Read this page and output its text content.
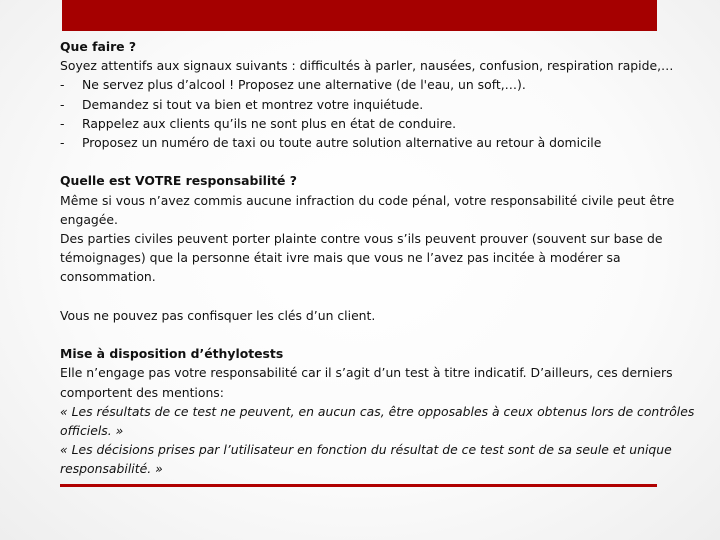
Que faire ?

Soyez attentifs aux signaux suivants : difficultés à parler, nausées, confusion, respiration rapide,…

-	Ne servez plus d’alcool ! Proposez une alternative (de l'eau, un soft,…).
-	Demandez si tout va bien et montrez votre inquiétude.
-	Rappelez aux clients qu’ils ne sont plus en état de conduire.
-	Proposez un numéro de taxi ou toute autre solution alternative au retour à domicile

Quelle est VOTRE responsabilité ?

Même si vous n’avez commis aucune infraction du code pénal, votre responsabilité civile peut être engagée.

Des parties civiles peuvent porter plainte contre vous s’ils peuvent prouver (souvent sur base de témoignages) que la personne était ivre mais que vous ne l’avez pas incitée à modérer sa consommation.

Vous ne pouvez pas confisquer les clés d’un client.

Mise à disposition d’éthylotests

Elle n’engage pas votre responsabilité car il s’agit d’un test à titre indicatif. D’ailleurs, ces derniers comportent des mentions:

« Les résultats de ce test ne peuvent, en aucun cas, être opposables à ceux obtenus lors de contrôles officiels. »

« Les décisions prises par l’utilisateur en fonction du résultat de ce test sont de sa seule et unique responsabilité. »
